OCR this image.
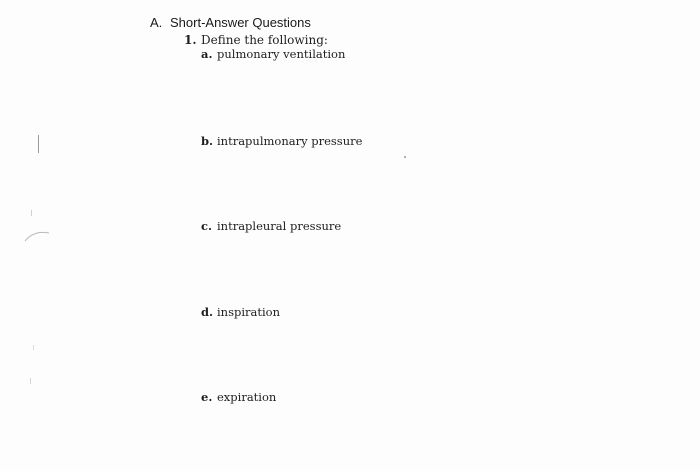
A. Short-Answer Questions
1. Define the following:
a. pulmonary ventilation
b. intrapulmonary pressure
c. intrapleural pressure
d. inspiration
e. expiration
